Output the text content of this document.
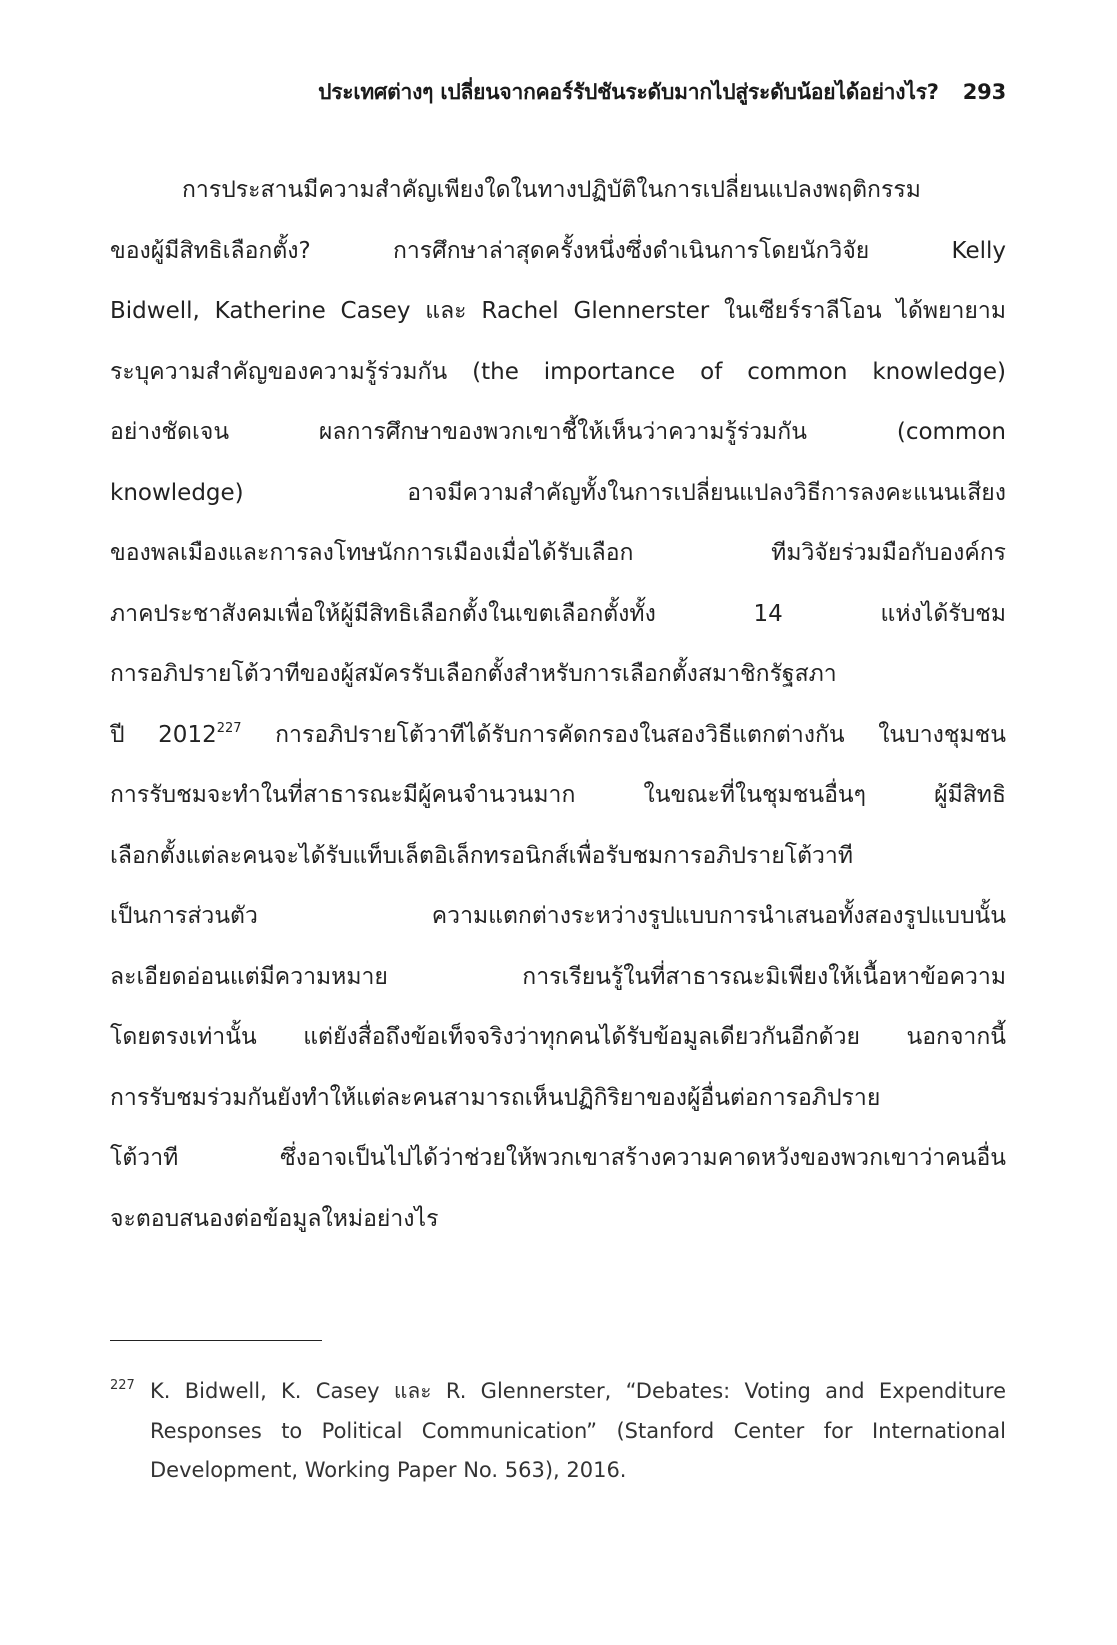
ประเทศต่างๆ เปลี่ยนจากคอร์รัปชันระดับมากไปสู่ระดับน้อยได้อย่างไร? 293
การประสานมีความสำคัญเพียงใดในทางปฏิบัติในการเปลี่ยนแปลงพฤติกรรม
ของผู้มีสิทธิเลือกตั้ง? การศึกษาล่าสุดครั้งหนึ่งซึ่งดำเนินการโดยนักวิจัย Kelly
Bidwell, Katherine Casey และ Rachel Glennerster ในเซียร์ราลีโอน ได้พยายาม
ระบุความสำคัญของความรู้ร่วมกัน (the importance of common knowledge)
อย่างชัดเจน ผลการศึกษาของพวกเขาชี้ให้เห็นว่าความรู้ร่วมกัน (common
knowledge) อาจมีความสำคัญทั้งในการเปลี่ยนแปลงวิธีการลงคะแนนเสียง
ของพลเมืองและการลงโทษนักการเมืองเมื่อได้รับเลือก ทีมวิจัยร่วมมือกับองค์กร
ภาคประชาสังคมเพื่อให้ผู้มีสิทธิเลือกตั้งในเขตเลือกตั้งทั้ง 14 แห่งได้รับชม
การอภิปรายโต้วาทีของผู้สมัครรับเลือกตั้งสำหรับการเลือกตั้งสมาชิกรัฐสภา
ปี 2012$^{227}$ การอภิปรายโต้วาทีได้รับการคัดกรองในสองวิธีแตกต่างกัน ในบางชุมชน
การรับชมจะทำในที่สาธารณะมีผู้คนจำนวนมาก ในขณะที่ในชุมชนอื่นๆ ผู้มีสิทธิ
เลือกตั้งแต่ละคนจะได้รับแท็บเล็ตอิเล็กทรอนิกส์เพื่อรับชมการอภิปรายโต้วาที
เป็นการส่วนตัว ความแตกต่างระหว่างรูปแบบการนำเสนอทั้งสองรูปแบบนั้น
ละเอียดอ่อนแต่มีความหมาย การเรียนรู้ในที่สาธารณะมิเพียงให้เนื้อหาข้อความ
โดยตรงเท่านั้น แต่ยังสื่อถึงข้อเท็จจริงว่าทุกคนได้รับข้อมูลเดียวกันอีกด้วย นอกจากนี้
การรับชมร่วมกันยังทำให้แต่ละคนสามารถเห็นปฏิกิริยาของผู้อื่นต่อการอภิปราย
โต้วาที ซึ่งอาจเป็นไปได้ว่าช่วยให้พวกเขาสร้างความคาดหวังของพวกเขาว่าคนอื่น
จะตอบสนองต่อข้อมูลใหม่อย่างไร
227 K. Bidwell, K. Casey และ R. Glennerster, “Debates: Voting and Expenditure
Responses to Political Communication” (Stanford Center for International
Development, Working Paper No. 563), 2016.
